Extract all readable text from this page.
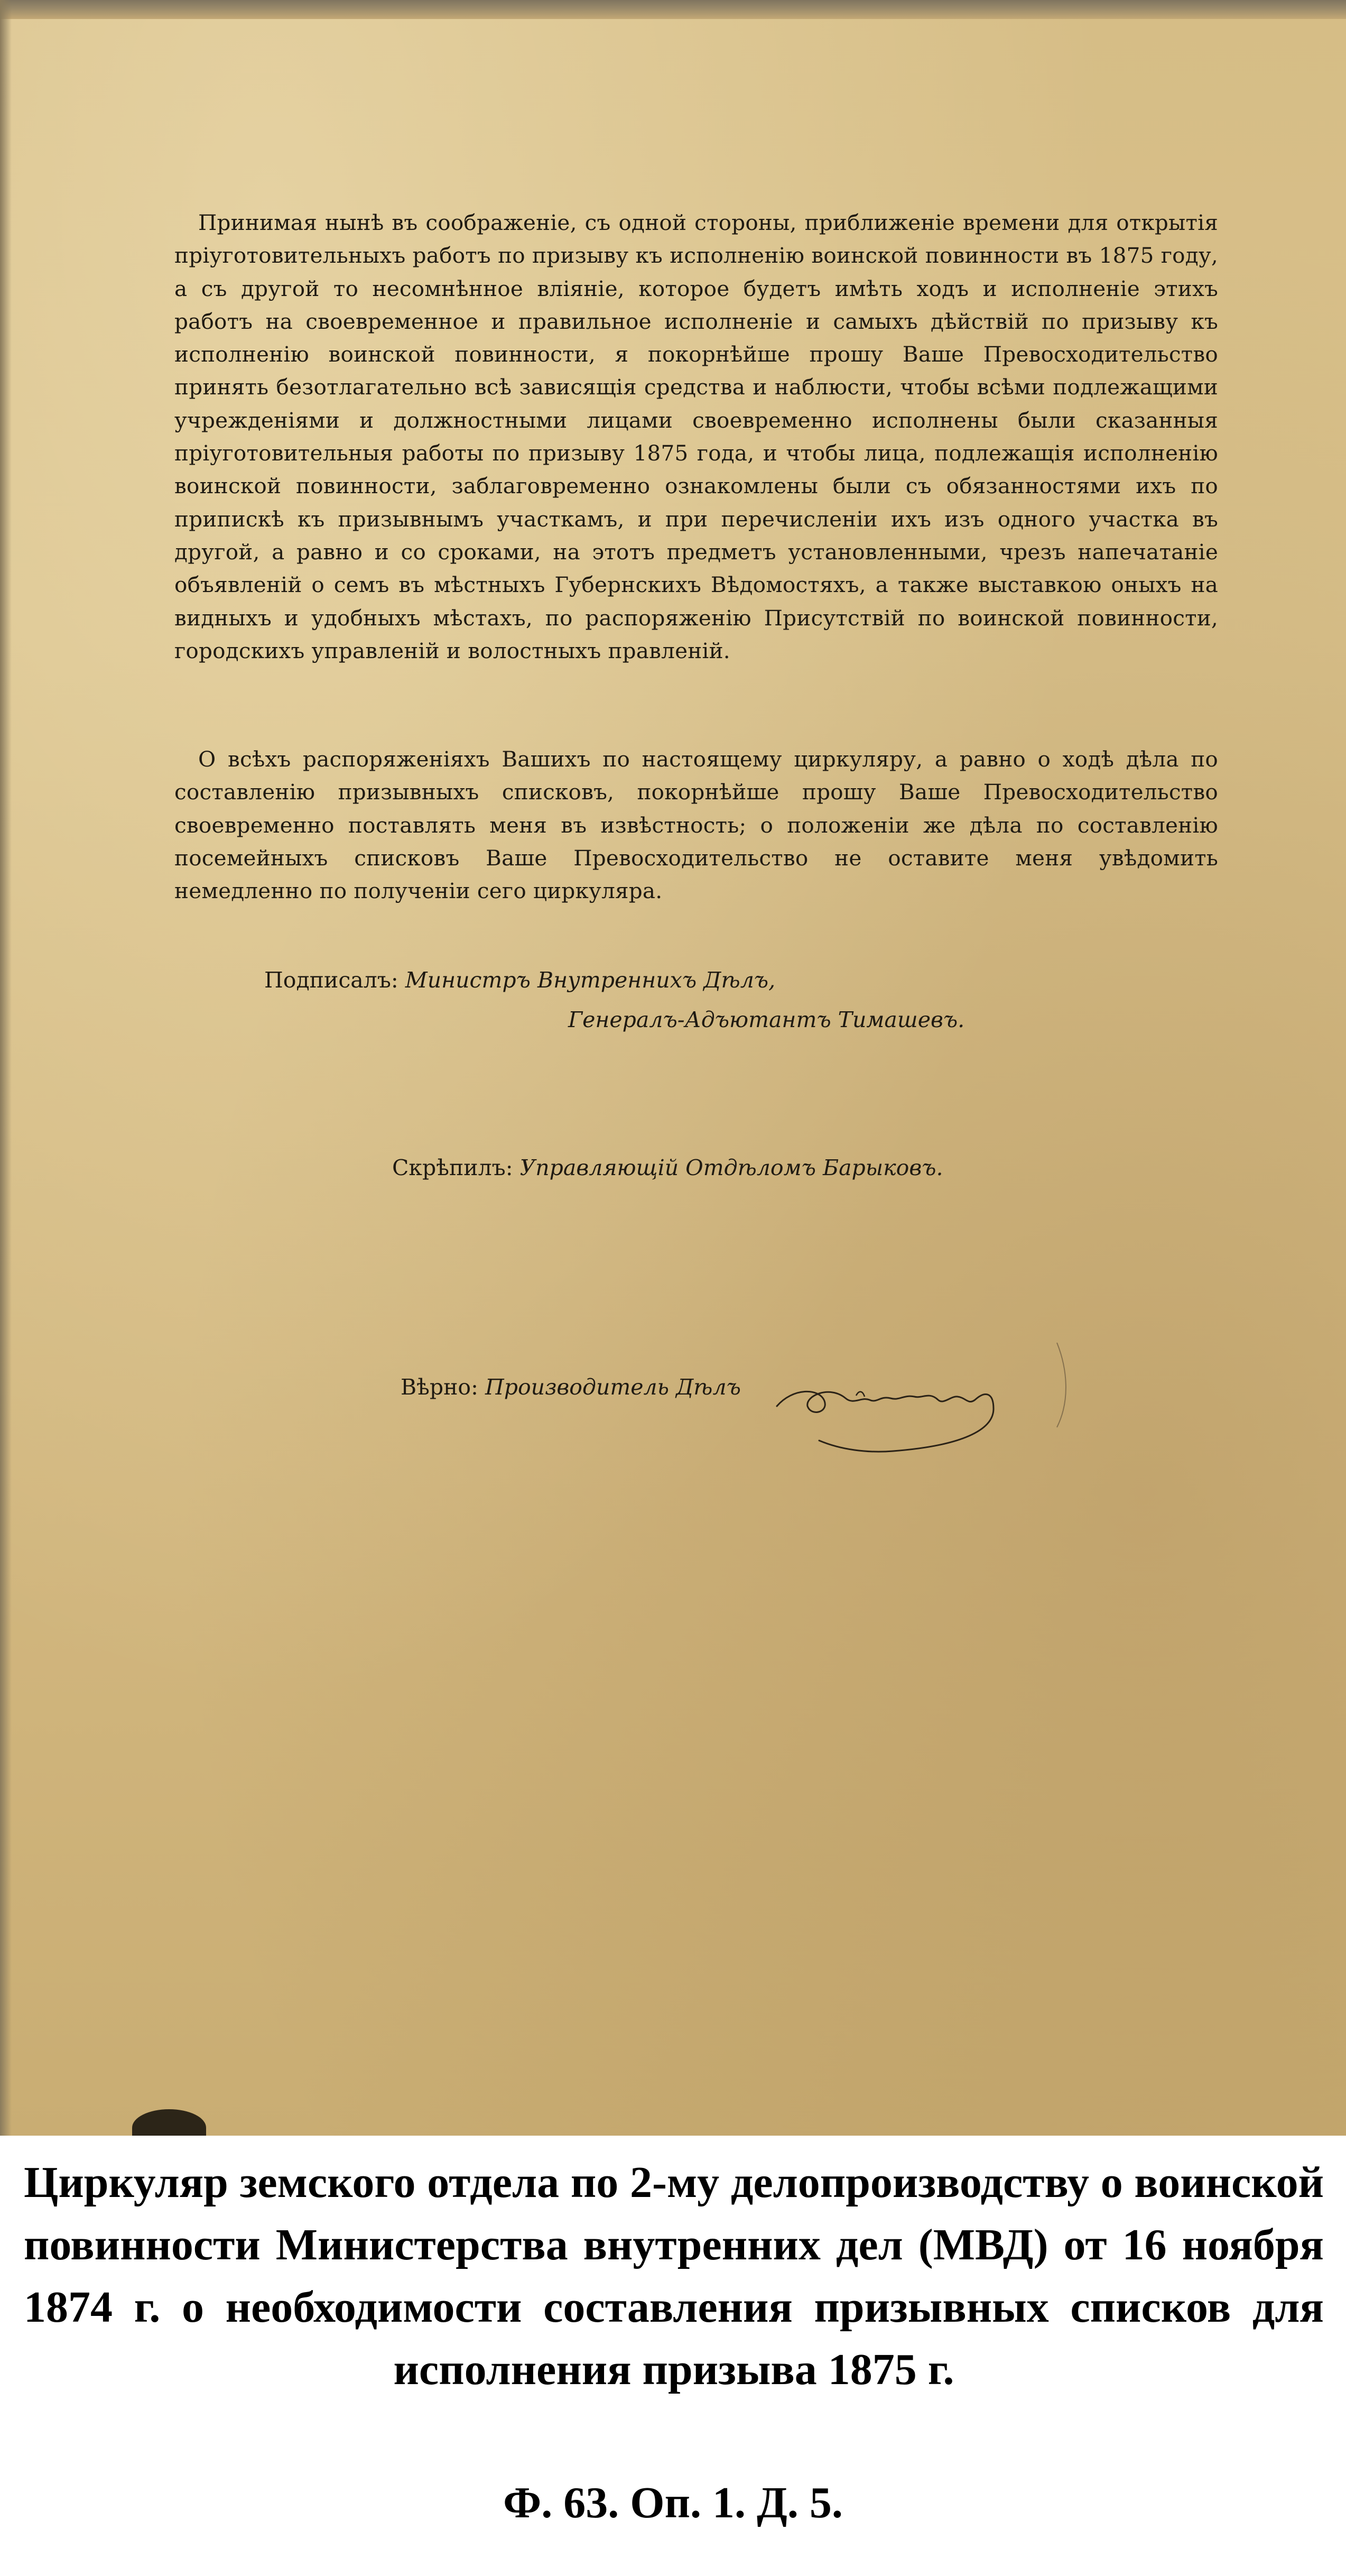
Принимая нынѣ въ соображеніе, съ одной стороны, приближеніе времени для открытія пріуготовительныхъ работъ по призыву къ исполненію воинской повинности въ 1875 году, а съ другой то несомнѣнное вліяніе, которое будетъ имѣть ходъ и исполненіе этихъ работъ на своевременное и правильное исполненіе и самыхъ дѣйствій по призыву къ исполненію воинской повинности, я покорнѣйше прошу Ваше Превосходительство принять безотлагательно всѣ зависящія средства и наблюсти, чтобы всѣми подлежащими учрежденіями и должностными лицами своевременно исполнены были сказанныя пріуготовительныя работы по призыву 1875 года, и чтобы лица, подлежащія исполненію воинской повинности, заблаговременно ознакомлены были съ обязанностями ихъ по припискѣ къ призывнымъ участкамъ, и при перечисленіи ихъ изъ одного участка въ другой, а равно и со сроками, на этотъ предметъ установленными, чрезъ напечатаніе объявленій о семъ въ мѣстныхъ Губернскихъ Вѣдомостяхъ, а также выставкою оныхъ на видныхъ и удобныхъ мѣстахъ, по распоряженію Присутствій по воинской повинности, городскихъ управленій и волостныхъ правленій.

О всѣхъ распоряженіяхъ Вашихъ по настоящему циркуляру, а равно о ходѣ дѣла по составленію призывныхъ списковъ, покорнѣйше прошу Ваше Превосходительство своевременно поставлять меня въ извѣстность; о положеніи же дѣла по составленію посемейныхъ списковъ Ваше Превосходительство не оставите меня увѣдомить немедленно по полученіи сего циркуляра.

Подписалъ: Министръ Внутреннихъ Дѣлъ,
Генералъ-Адъютантъ Тимашевъ.
Скрѣпилъ: Управляющій Отдѣломъ Барыковъ.
Вѣрно: Производитель Дѣлъ

Циркуляр земского отдела по 2-му делопроизводству о воинской повинности Министерства внутренних дел (МВД) от 16 ноября 1874 г. о необходимости составления призывных списков для исполнения призыва 1875 г.

Ф. 63. Оп. 1. Д. 5.
